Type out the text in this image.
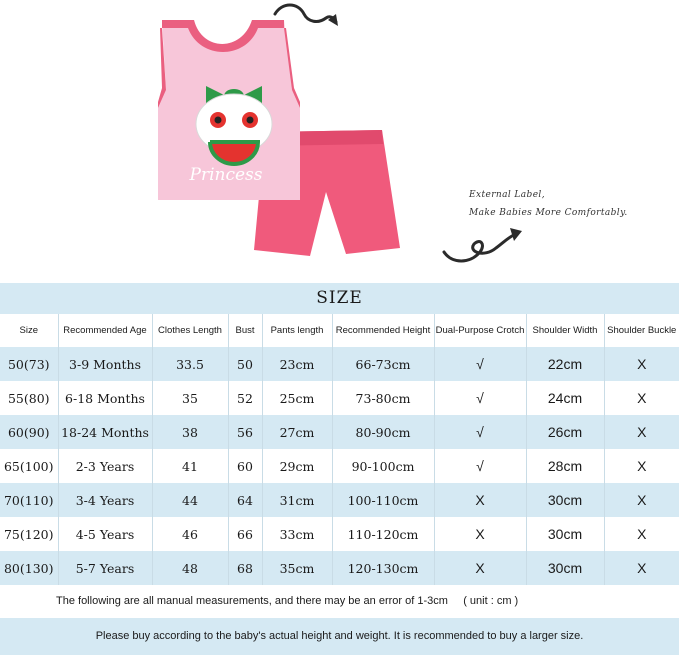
Princess
External Label,
Make Babies More Comfortably.
SIZE
Size	Recommended Age	Clothes Length	Bust	Pants length	Recommended Height	Dual-Purpose Crotch	Shoulder Width	Shoulder Buckle
50(73)	3-9 Months	33.5	50	23cm	66-73cm	√	22cm	X
55(80)	6-18 Months	35	52	25cm	73-80cm	√	24cm	X
60(90)	18-24 Months	38	56	27cm	80-90cm	√	26cm	X
65(100)	2-3 Years	41	60	29cm	90-100cm	√	28cm	X
70(110)	3-4 Years	44	64	31cm	100-110cm	X	30cm	X
75(120)	4-5 Years	46	66	33cm	110-120cm	X	30cm	X
80(130)	5-7 Years	48	68	35cm	120-130cm	X	30cm	X
The following are all manual measurements, and there may be an error of 1-3cm ( unit : cm )
Please buy according to the baby's actual height and weight. It is recommended to buy a larger size.
